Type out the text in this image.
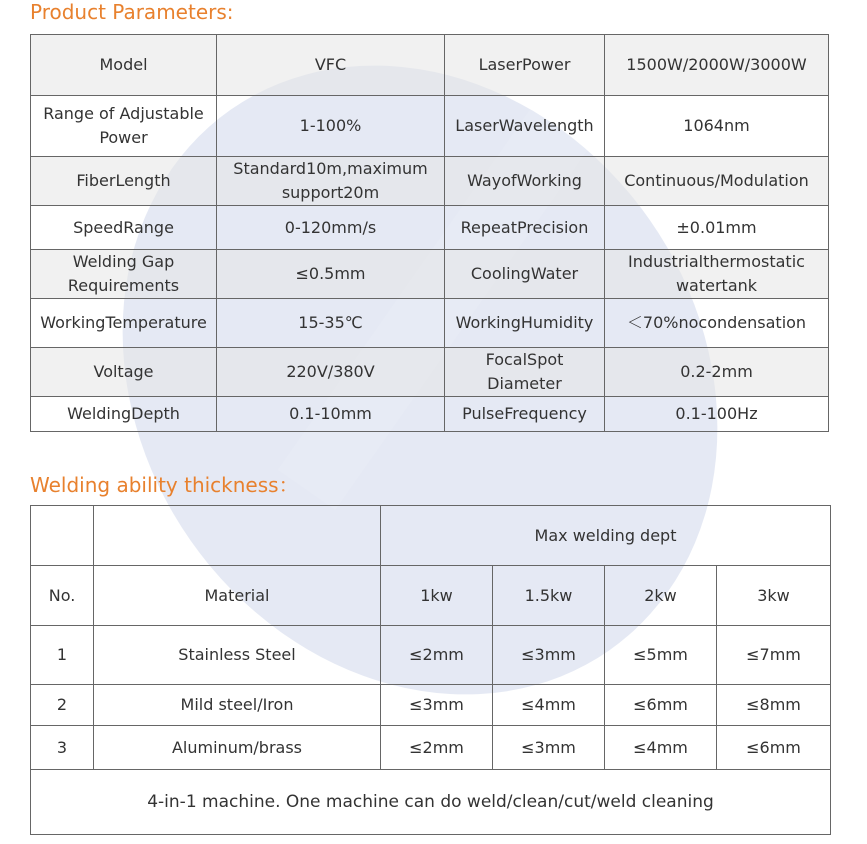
Product Parameters:
Model	VFC	LaserPower	1500W/2000W/3000W
Range of Adjustable Power	1-100%	LaserWavelength	1064nm
FiberLength	Standard10m,maximum support20m	WayofWorking	Continuous/Modulation
SpeedRange	0-120mm/s	RepeatPrecision	±0.01mm
Welding Gap Requirements	≤0.5mm	CoolingWater	Industrialthermostatic watertank
WorkingTemperature	15-35℃	WorkingHumidity	＜70%nocondensation
Voltage	220V/380V	FocalSpot Diameter	0.2-2mm
WeldingDepth	0.1-10mm	PulseFrequency	0.1-100Hz
Welding ability thickness：
		Max welding dept			
No.	Material	1kw	1.5kw	2kw	3kw
1	Stainless Steel	≤2mm	≤3mm	≤5mm	≤7mm
2	Mild steel/Iron	≤3mm	≤4mm	≤6mm	≤8mm
3	Aluminum/brass	≤2mm	≤3mm	≤4mm	≤6mm
4-in-1 machine. One machine can do weld/clean/cut/weld cleaning					
